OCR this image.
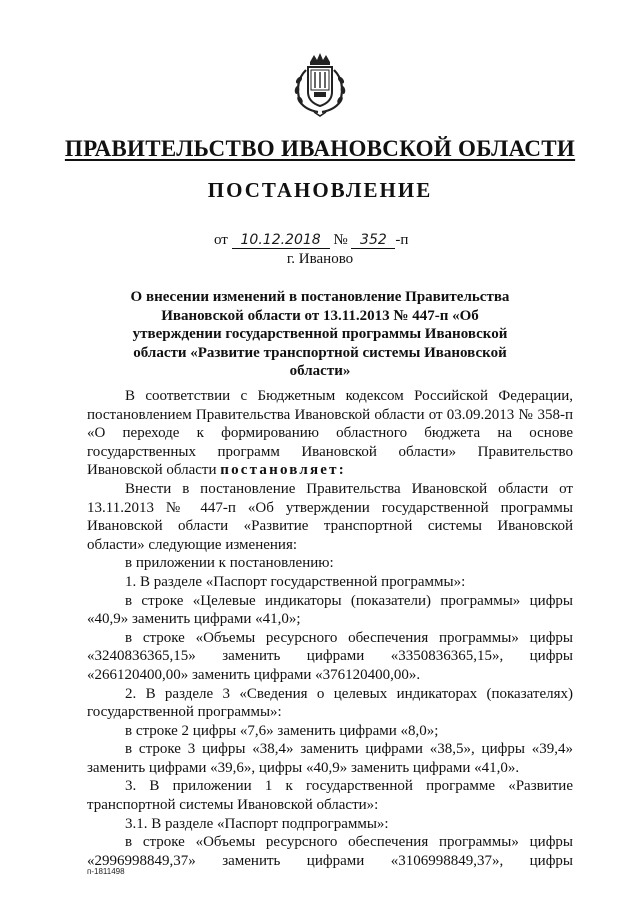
ПРАВИТЕЛЬСТВО ИВАНОВСКОЙ ОБЛАСТИ
ПОСТАНОВЛЕНИЕ
от 10.12.2018 № 352 -п
г. Иваново
О внесении изменений в постановление Правительства Ивановской области от 13.11.2013 № 447-п «Об утверждении государственной программы Ивановской области «Развитие транспортной системы Ивановской области»

В соответствии с Бюджетным кодексом Российской Федерации, постановлением Правительства Ивановской области от 03.09.2013 № 358-п «О переходе к формированию областного бюджета на основе государственных программ Ивановской области» Правительство Ивановской области постановляет:

Внести в постановление Правительства Ивановской области от 13.11.2013 № 447-п «Об утверждении государственной программы Ивановской области «Развитие транспортной системы Ивановской области» следующие изменения:

в приложении к постановлению:

1. В разделе «Паспорт государственной программы»:

в строке «Целевые индикаторы (показатели) программы» цифры «40,9» заменить цифрами «41,0»;

в строке «Объемы ресурсного обеспечения программы» цифры «3240836365,15» заменить цифрами «3350836365,15», цифры «266120400,00» заменить цифрами «376120400,00».

2. В разделе 3 «Сведения о целевых индикаторах (показателях) государственной программы»:

в строке 2 цифры «7,6» заменить цифрами «8,0»;

в строке 3 цифры «38,4» заменить цифрами «38,5», цифры «39,4» заменить цифрами «39,6», цифры «40,9» заменить цифрами «41,0».

3. В приложении 1 к государственной программе «Развитие транспортной системы Ивановской области»:

3.1. В разделе «Паспорт подпрограммы»:

в строке «Объемы ресурсного обеспечения программы» цифры «2996998849,37» заменить цифрами «3106998849,37», цифры

п-1811498
